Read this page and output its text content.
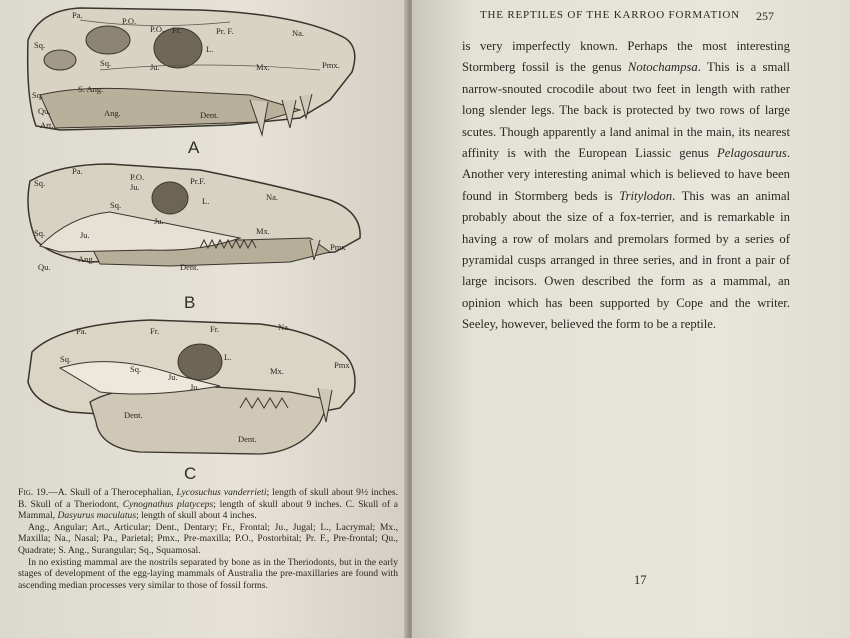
Pa.
P.O.
P.O. Fr.	Pr. F.	Na.
L.
Sq.
Sq.	Ju.	Mx.	Pmx.
Sq.
S. Ang.
Qu.	Ang.	Dent.
Art.
A
Pa.
P.O.	Pr.F.
Sq.	Ju.
Sq.	L.	Na.
Ju.
Mx.
Pmx
Sq.	Ju.
Qu.
Ang.
Dent.
B
Pa.	Fr.	Fr.	Na.
Sq.	L.
Mx.
Sq.
Ju.
Ju.
Pmx
Dent.
Dent.
C

Fig. 19.—A. Skull of a Therocephalian, Lycosuchus vanderrieti; length of skull about 9½ inches. B. Skull of a Theriodont, Cynognathus platyceps; length of skull about 9 inches. C. Skull of a Mammal, Dasyurus maculatus; length of skull about 4 inches.

Ang., Angular; Art., Articular; Dent., Dentary; Fr., Frontal; Ju., Jugal; L., Lacrymal; Mx., Maxilla; Na., Nasal; Pa., Parietal; Pmx., Pre-maxilla; P.O., Postorbital; Pr. F., Pre-frontal; Qu., Quadrate; S. Ang., Surangular; Sq., Squamosal.

In no existing mammal are the nostrils separated by bone as in the Theriodonts, but in the early stages of development of the egg-laying mammals of Australia the pre-maxillaries are found with ascending median processes very similar to those of fossil forms.

THE REPTILES OF THE KARROO FORMATION	257

is very imperfectly known. Perhaps the most interesting Stormberg fossil is the genus Notochampsa. This is a small narrow-snouted crocodile about two feet in length with rather long slender legs. The back is protected by two rows of large scutes. Though apparently a land animal in the main, its nearest affinity is with the European Liassic genus Pelagosaurus. Another very interesting animal which is believed to have been found in Stormberg beds is Tritylodon. This was an animal probably about the size of a fox-terrier, and is remarkable in having a row of molars and premolars formed by a series of pyramidal cusps arranged in three series, and in front a pair of large incisors. Owen described the form as a mammal, an opinion which has been supported by Cope and the writer. Seeley, however, believed the form to be a reptile.

17
